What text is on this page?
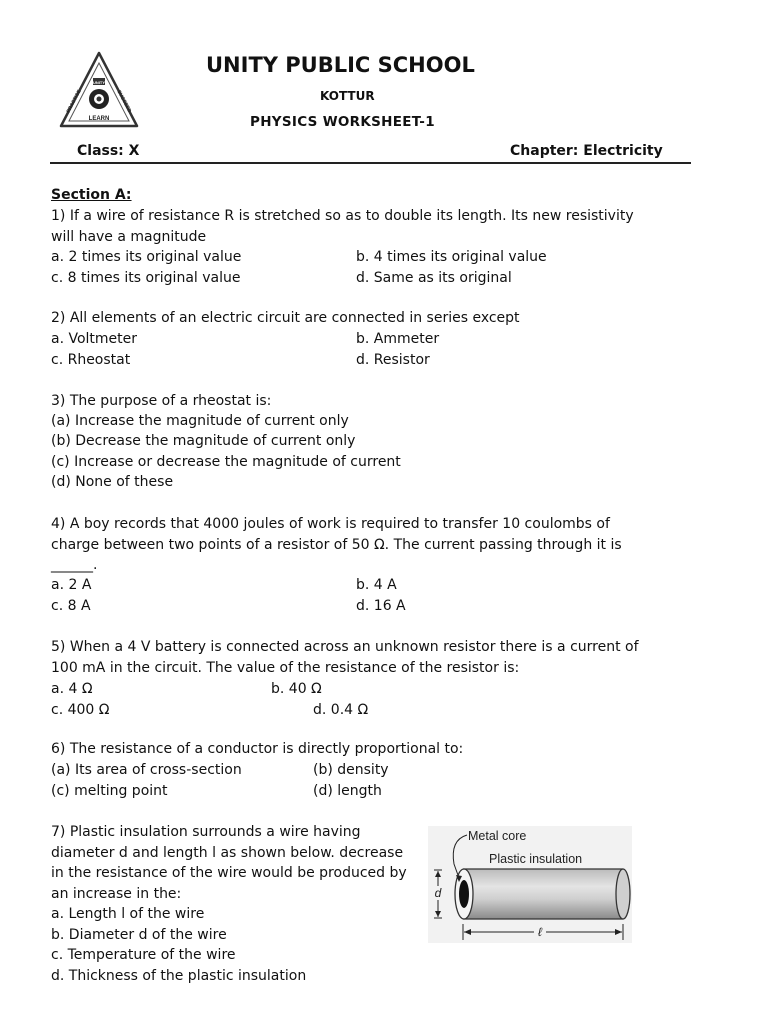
UNITY
PRACTISE	SUCCEED
LEARN
UNITY PUBLIC SCHOOL
KOTTUR
PHYSICS WORKSHEET-1
Class: X	Chapter: Electricity
Section A:
1) If a wire of resistance R is stretched so as to double its length. Its new resistivity
will have a magnitude
a. 2 times its original value	b. 4 times its original value
c. 8 times its original value	d. Same as its original
2) All elements of an electric circuit are connected in series except
a. Voltmeter	b. Ammeter
c. Rheostat	d. Resistor
3) The purpose of a rheostat is:
(a) Increase the magnitude of current only
(b) Decrease the magnitude of current only
(c) Increase or decrease the magnitude of current
(d) None of these
4) A boy records that 4000 joules of work is required to transfer 10 coulombs of
charge between two points of a resistor of 50 Ω. The current passing through it is
______.
a. 2 A	b. 4 A
c. 8 A	d. 16 A
5) When a 4 V battery is connected across an unknown resistor there is a current of
100 mA in the circuit. The value of the resistance of the resistor is:
a. 4 Ω	b. 40 Ω
c. 400 Ω	d. 0.4 Ω
6) The resistance of a conductor is directly proportional to:
(a) Its area of cross-section	(b) density
(c) melting point	(d) length
7) Plastic insulation surrounds a wire having
diameter d and length l as shown below. decrease
in the resistance of the wire would be produced by
an increase in the:
a. Length l of the wire
b. Diameter d of the wire
c. Temperature of the wire
d. Thickness of the plastic insulation
Metal core
Plastic insulation
d
ℓ
